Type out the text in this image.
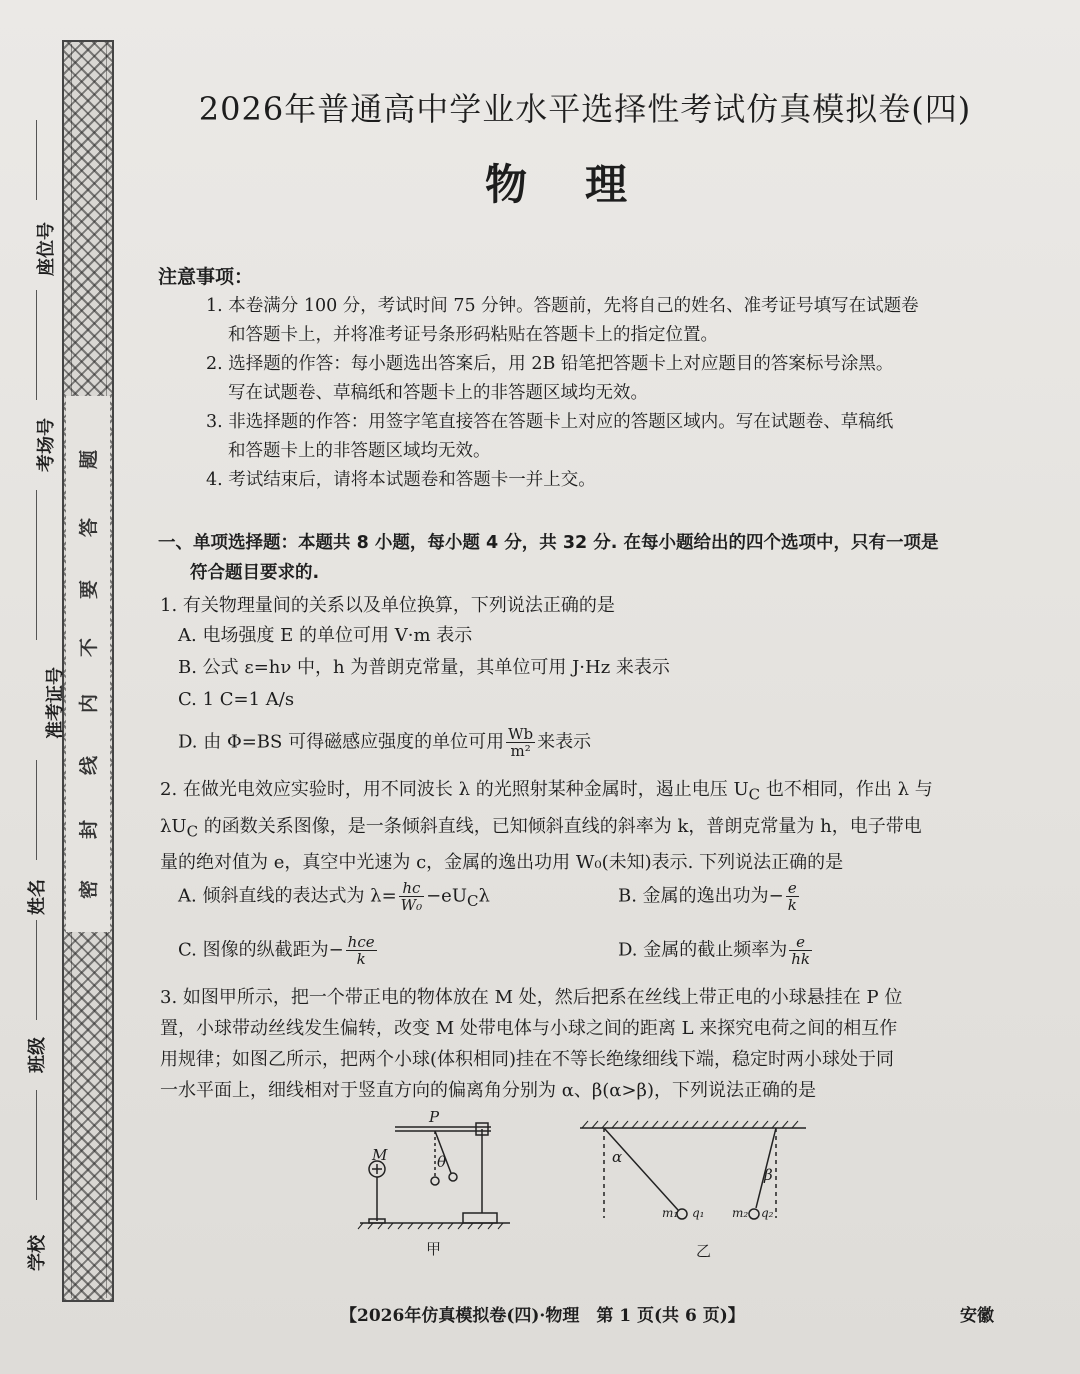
题
答
要
不
内
线
封
密
座位号
考场号
准考证号
姓名
班级
学校
2026年普通高中学业水平选择性考试仿真模拟卷(四)
物理
注意事项：
1. 本卷满分 100 分，考试时间 75 分钟。答题前，先将自己的姓名、准考证号填写在试题卷
和答题卡上，并将准考证号条形码粘贴在答题卡上的指定位置。
2. 选择题的作答：每小题选出答案后，用 2B 铅笔把答题卡上对应题目的答案标号涂黑。
写在试题卷、草稿纸和答题卡上的非答题区域均无效。
3. 非选择题的作答：用签字笔直接答在答题卡上对应的答题区域内。写在试题卷、草稿纸
和答题卡上的非答题区域均无效。
4. 考试结束后，请将本试题卷和答题卡一并上交。
一、单项选择题：本题共 8 小题，每小题 4 分，共 32 分. 在每小题给出的四个选项中，只有一项是
符合题目要求的.
1. 有关物理量间的关系以及单位换算，下列说法正确的是
A. 电场强度 E 的单位可用 V·m 表示
B. 公式 ε=hν 中，h 为普朗克常量，其单位可用 J·Hz 来表示
C. 1 C=1 A/s
D. 由 Φ=BS 可得磁感应强度的单位可用 $\frac{Wb}{\text{m²}}$ 来表示
2. 在做光电效应实验时，用不同波长 λ 的光照射某种金属时，遏止电压 $U_C$ 也不相同，作出 λ 与
$\lambda U_C$ 的函数关系图像，是一条倾斜直线，已知倾斜直线的斜率为 k，普朗克常量为 h，电子带电
量的绝对值为 e，真空中光速为 c，金属的逸出功用 W₀(未知)表示. 下列说法正确的是
A. 倾斜直线的表达式为 $\lambda= \frac{hc}{\text{W₀}} -eU_C\lambda$	B. 金属的逸出功为− $\frac{e}{k}$
C. 图像的纵截距为− $\frac{\text{hce}}{k}$	D. 金属的截止频率为 $\frac{e}{hk}$
3. 如图甲所示，把一个带正电的物体放在 M 处，然后把系在丝线上带正电的小球悬挂在 P 位
置，小球带动丝线发生偏转，改变 M 处带电体与小球之间的距离 L 来探究电荷之间的相互作
用规律；如图乙所示，把两个小球(体积相同)挂在不等长绝缘细线下端，稳定时两小球处于同
一水平面上，细线相对于竖直方向的偏离角分别为 α、β(α>β)，下列说法正确的是
M
P
θ
甲
α
β
m₁ q₁ m₂ q₂
乙
【2026年仿真模拟卷(四)·物理　第 1 页(共 6 页)】	安徽
